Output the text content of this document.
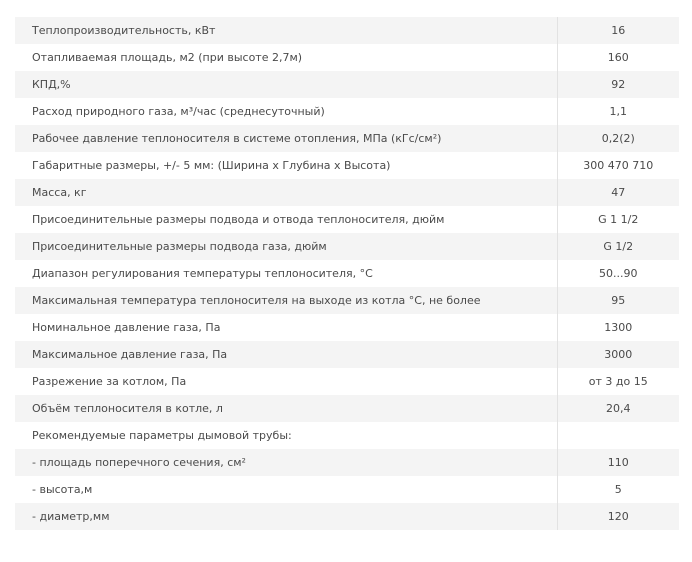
Теплопроизводительность, кВт	16
Отапливаемая площадь, м2 (при высоте 2,7м)	160
КПД,%	92
Расход природного газа, м³/час (среднесуточный)	1,1
Рабочее давление теплоносителя в системе отопления, МПа (кГс/см²)	0,2(2)
Габаритные размеры, +/- 5 мм: (Ширина х Глубина х Высота)	300 470 710
Масса, кг	47
Присоединительные размеры подвода и отвода теплоносителя, дюйм	G 1 1/2
Присоединительные размеры подвода газа, дюйм	G 1/2
Диапазон регулирования температуры теплоносителя, °С	50...90
Максимальная температура теплоносителя на выходе из котла °С, не более	95
Номинальное давление газа, Па	1300
Максимальное давление газа, Па	3000
Разрежение за котлом, Па	от 3 до 15
Объём теплоносителя в котле, л	20,4
Рекомендуемые параметры дымовой трубы:	
- площадь поперечного сечения, см²	110
- высота,м	5
- диаметр,мм	120
